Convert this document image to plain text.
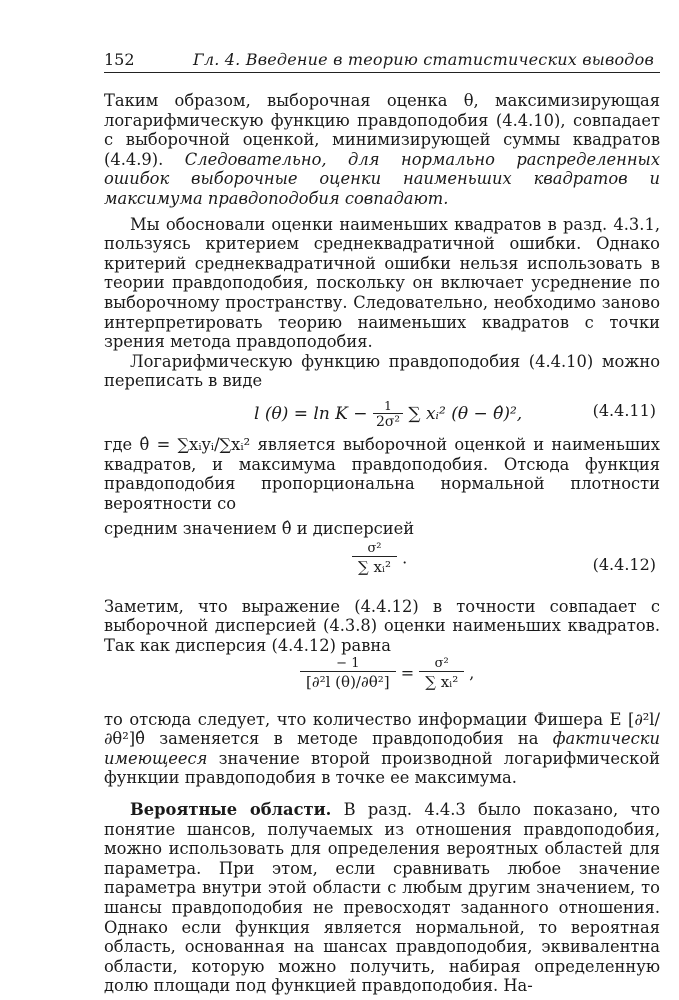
152	Гл. 4. Введение в теорию статистических выводов

Таким образом, выборочная оценка θ, максимизирующая логарифмическую функцию правдоподобия (4.4.10), совпадает с выборочной оценкой, минимизирующей суммы квадратов (4.4.9). Следовательно, для нормально распределенных ошибок выборочные оценки наименьших квадратов и максимума правдоподобия совпадают.

Мы обосновали оценки наименьших квадратов в разд. 4.3.1, пользуясь критерием среднеквадратичной ошибки. Однако критерий среднеквадратичной ошибки нельзя использовать в теории правдоподобия, поскольку он включает усреднение по выборочному пространству. Следовательно, необходимо заново интерпретировать теорию наименьших квадратов с точки зрения метода правдоподобия.

Логарифмическую функцию правдоподобия (4.4.10) можно переписать в виде

l $(\theta) = \ln K - \frac{1}{\text{2σ²}}$ ∑ xᵢ² (θ − θ̂)²,	(4.4.11)

где θ̂ = ∑xᵢyᵢ/∑xᵢ² является выборочной оценкой и наименьших квадратов, и максимума правдоподобия. Отсюда функция правдоподобия пропорциональна нормальной плотности вероятности со

средним значением θ̂ и дисперсией

$\frac{\text{σ²}}{\text{∑ xᵢ²}}$ .	(4.4.12)

Заметим, что выражение (4.4.12) в точности совпадает с выборочной дисперсией (4.3.8) оценки наименьших квадратов. Так как дисперсия (4.4.12) равна

$\frac{- 1}{\text{[∂²l (θ)/∂θ²]}} = \frac{\text{σ²}}{\text{∑ xᵢ²}}$ ,

то отсюда следует, что количество информации Фишера E [∂²l/∂θ²]θ̂ заменяется в методе правдоподобия на фактически имеющееся значение второй производной логарифмической функции правдоподобия в точке ее максимума.

Вероятные области. В разд. 4.4.3 было показано, что понятие шансов, получаемых из отношения правдоподобия, можно использовать для определения вероятных областей для параметра. При этом, если сравнивать любое значение параметра внутри этой области с любым другим значением, то шансы правдоподобия не превосходят заданного отношения. Однако если функция является нормальной, то вероятная область, основанная на шансах правдоподобия, эквивалентна области, которую можно получить, набирая определенную долю площади под функцией правдоподобия. На-
